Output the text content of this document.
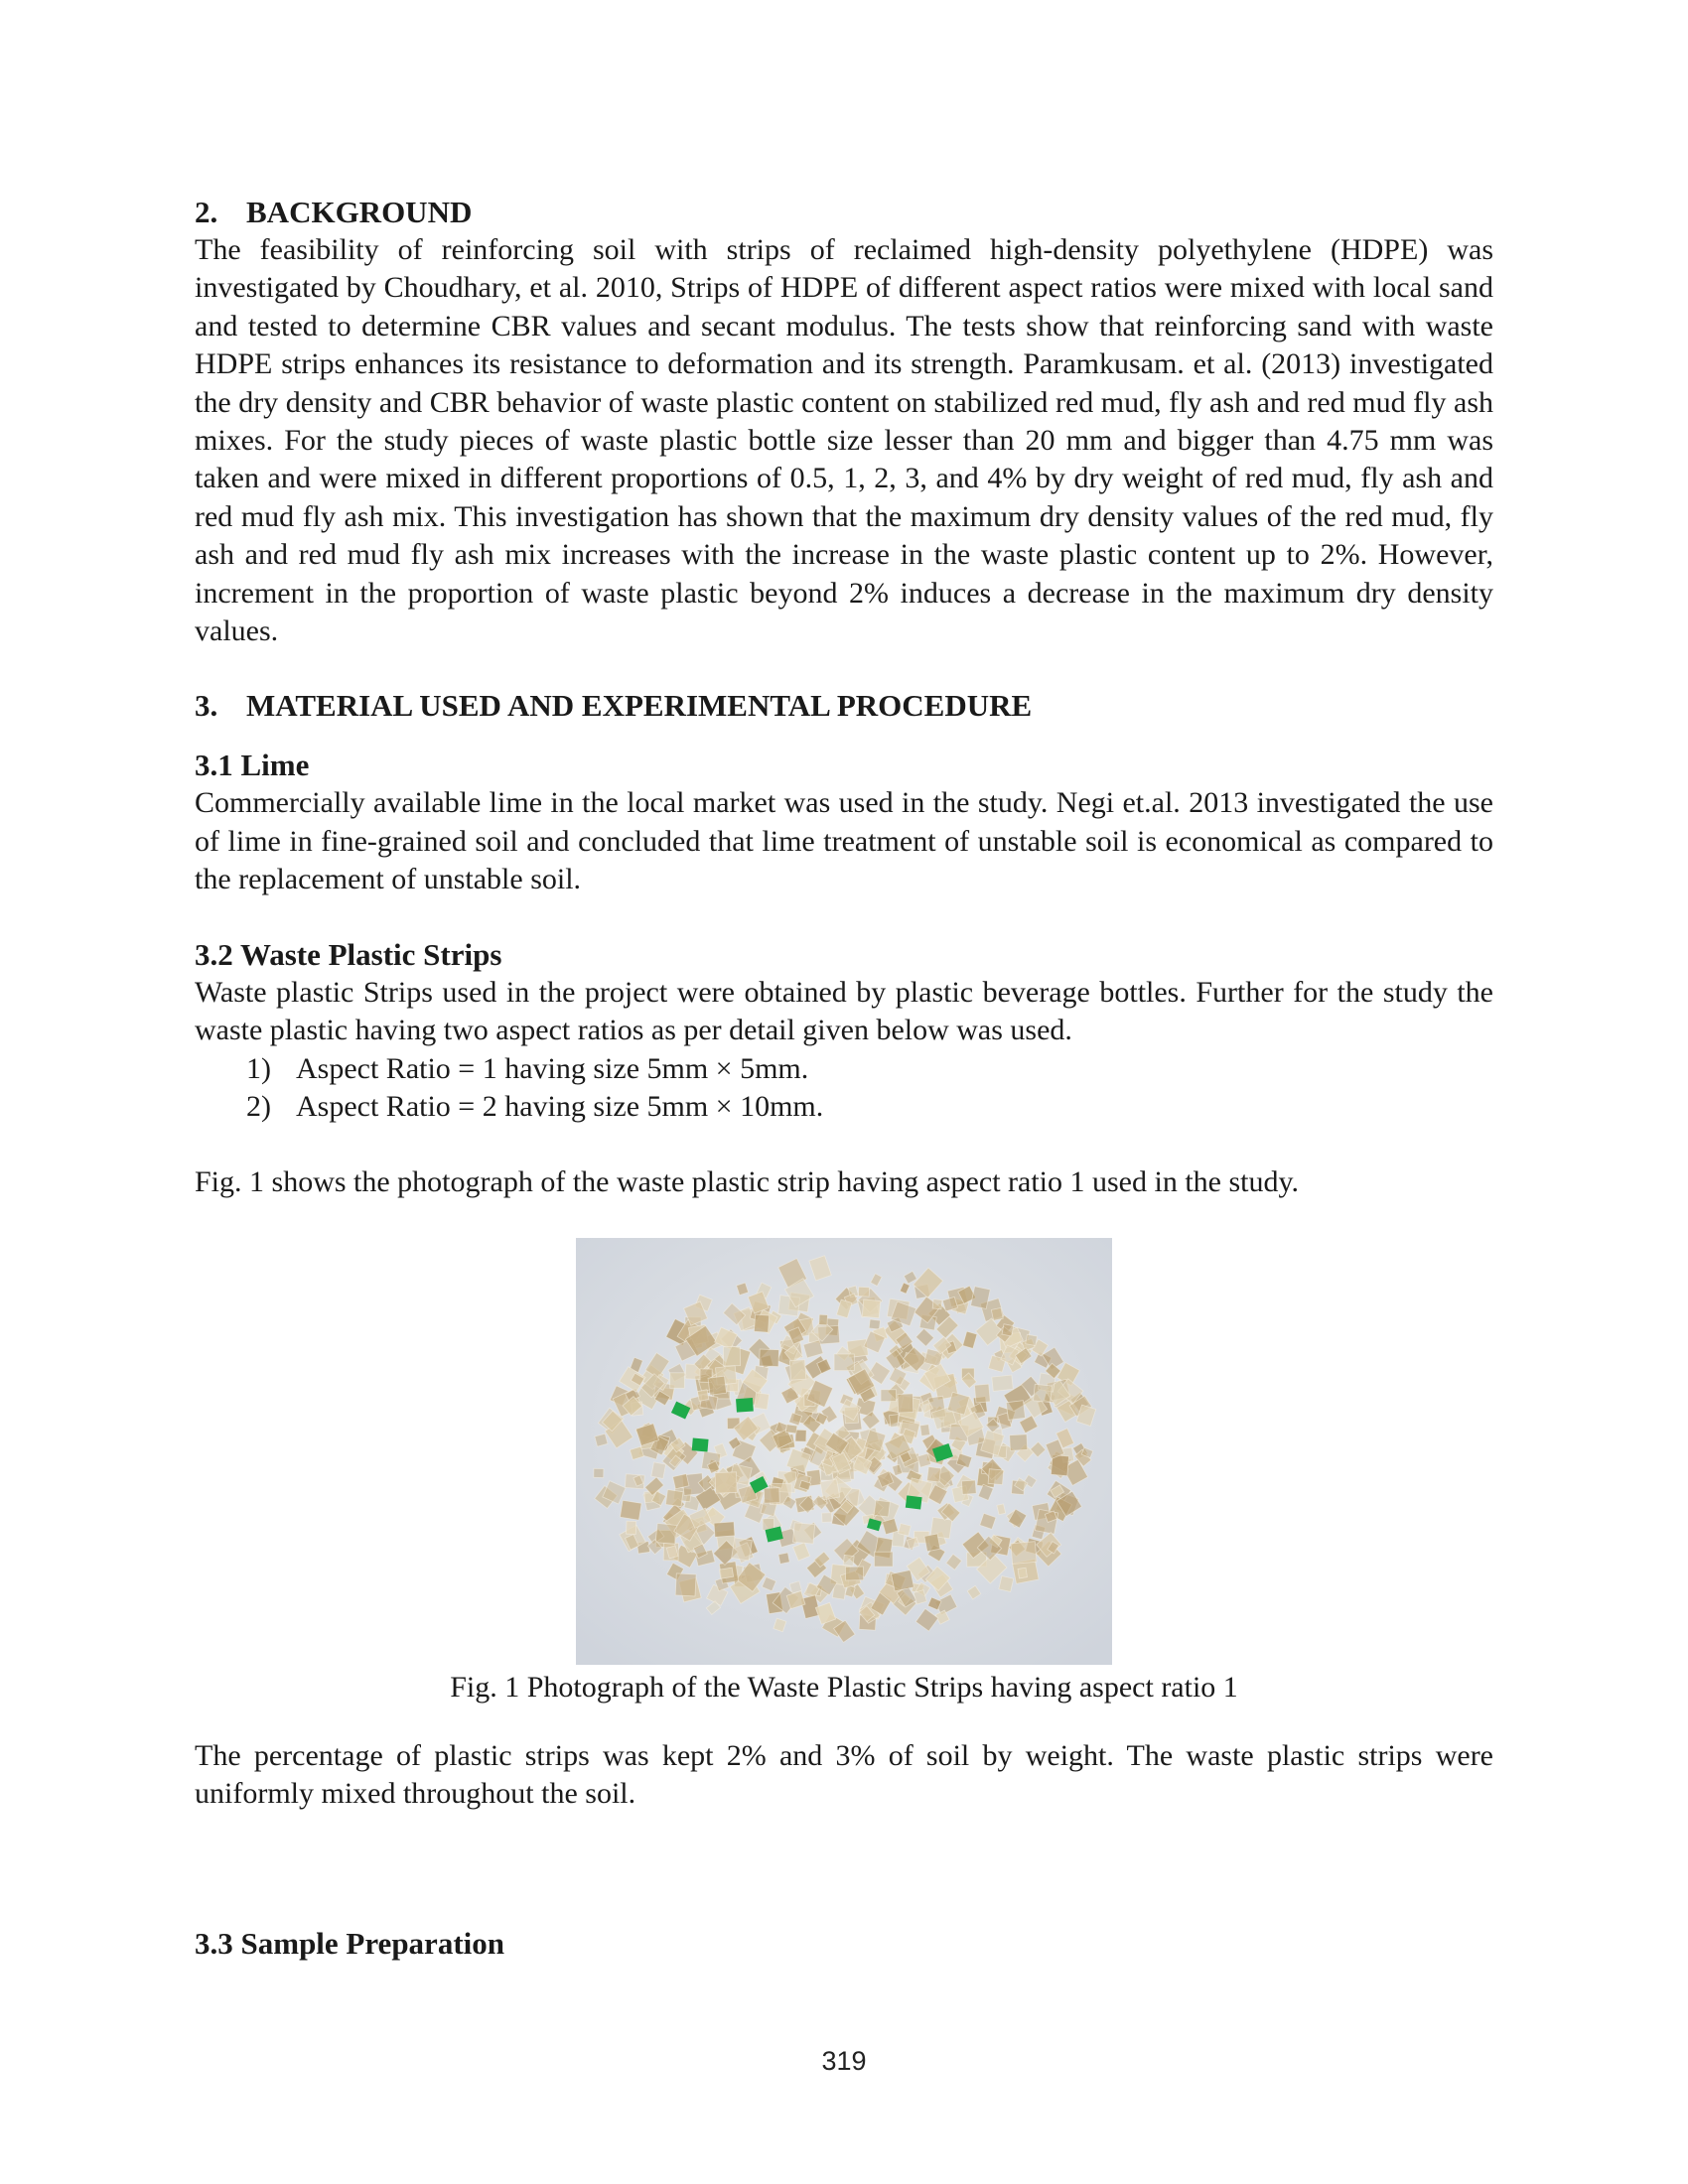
2. BACKGROUND

The feasibility of reinforcing soil with strips of reclaimed high-density polyethylene (HDPE) was investigated by Choudhary, et al. 2010, Strips of HDPE of different aspect ratios were mixed with local sand and tested to determine CBR values and secant modulus. The tests show that reinforcing sand with waste HDPE strips enhances its resistance to deformation and its strength. Paramkusam. et al. (2013) investigated the dry density and CBR behavior of waste plastic content on stabilized red mud, fly ash and red mud fly ash mixes. For the study pieces of waste plastic bottle size lesser than 20 mm and bigger than 4.75 mm was taken and were mixed in different proportions of 0.5, 1, 2, 3, and 4% by dry weight of red mud, fly ash and red mud fly ash mix. This investigation has shown that the maximum dry density values of the red mud, fly ash and red mud fly ash mix increases with the increase in the waste plastic content up to 2%. However, increment in the proportion of waste plastic beyond 2% induces a decrease in the maximum dry density values.

3. MATERIAL USED AND EXPERIMENTAL PROCEDURE
3.1 Lime

Commercially available lime in the local market was used in the study. Negi et.al. 2013 investigated the use of lime in fine-grained soil and concluded that lime treatment of unstable soil is economical as compared to the replacement of unstable soil.

3.2 Waste Plastic Strips

Waste plastic Strips used in the project were obtained by plastic beverage bottles. Further for the study the waste plastic having two aspect ratios as per detail given below was used.

1) Aspect Ratio = 1 having size 5mm × 5mm.
2) Aspect Ratio = 2 having size 5mm × 10mm.

Fig. 1 shows the photograph of the waste plastic strip having aspect ratio 1 used in the study.

Fig. 1 Photograph of the Waste Plastic Strips having aspect ratio 1

The percentage of plastic strips was kept 2% and 3% of soil by weight. The waste plastic strips were uniformly mixed throughout the soil.

3.3 Sample Preparation
319
